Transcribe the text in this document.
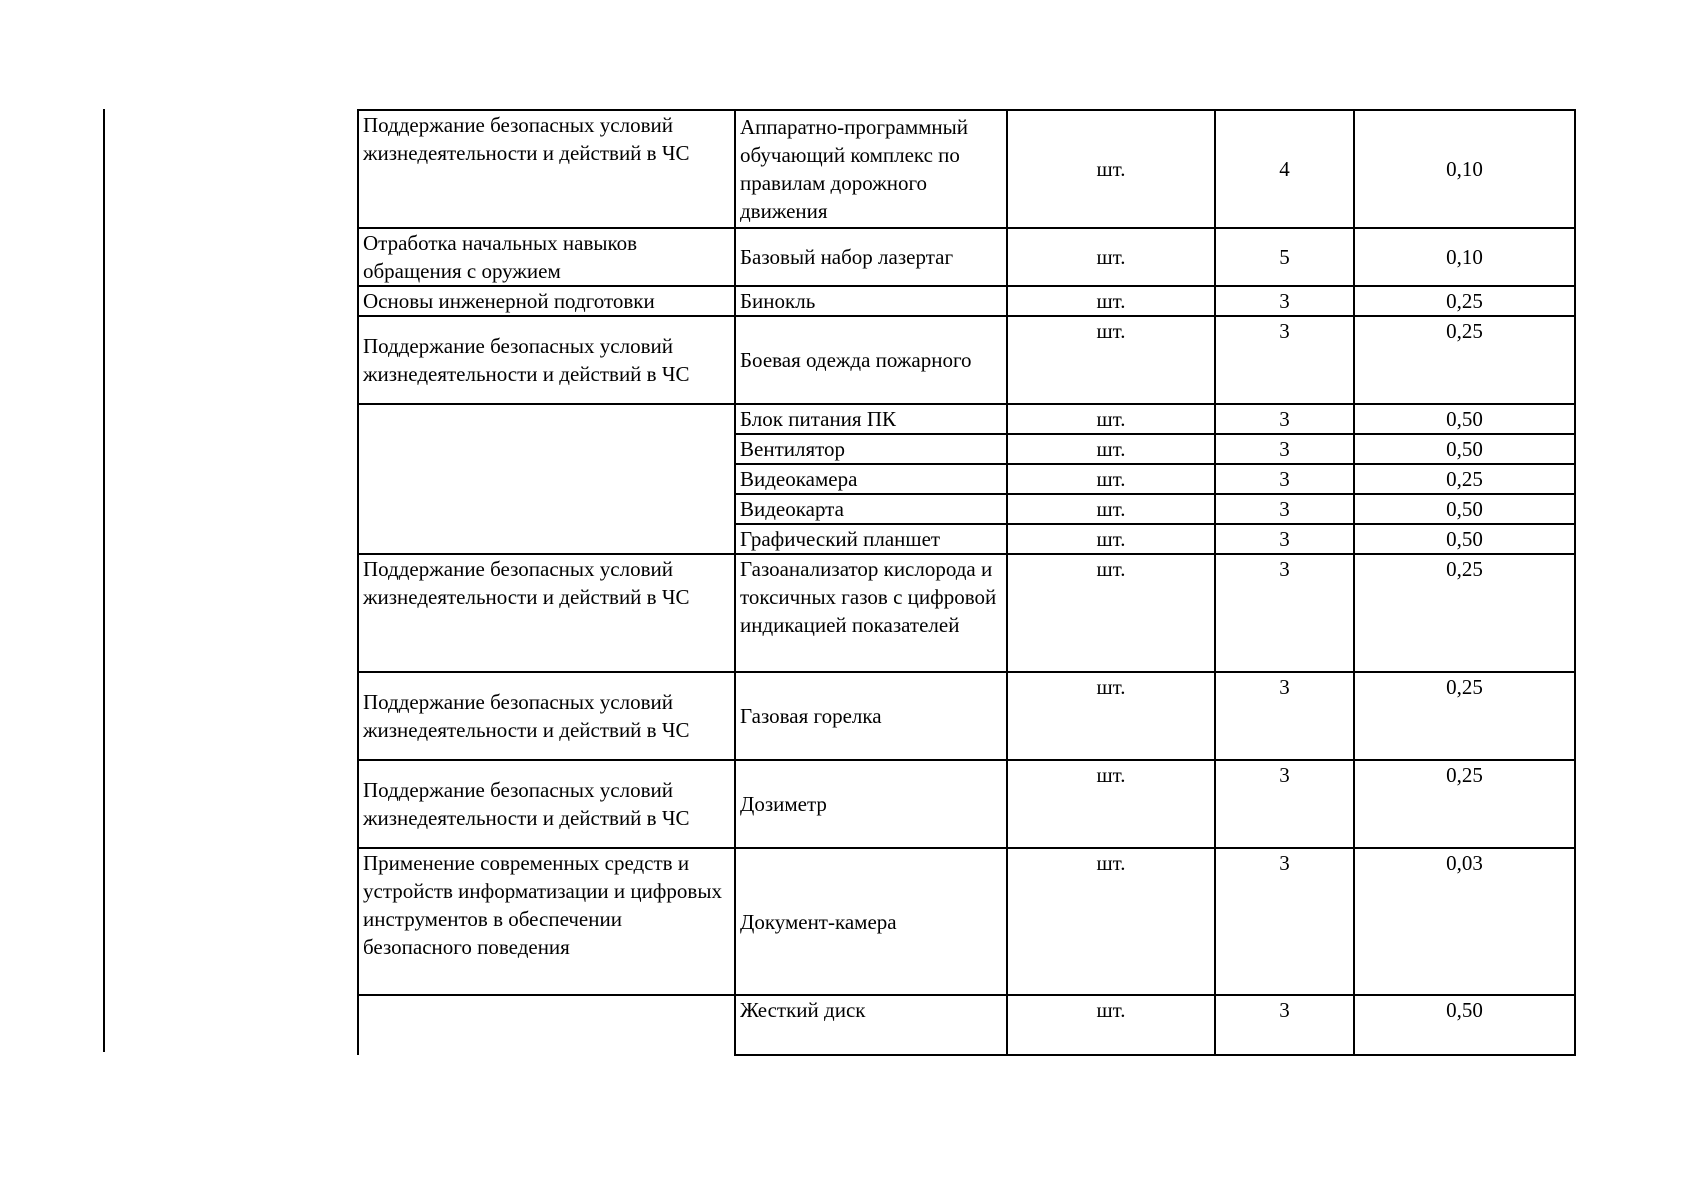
Поддержание безопасных условий жизнедеятельности и действий в ЧС	Аппаратно-программный обучающий комплекс по правилам дорожного движения	шт.	4	0,10
Отработка начальных навыков обращения с оружием	Базовый набор лазертаг	шт.	5	0,10
Основы инженерной подготовки	Бинокль	шт.	3	0,25
Поддержание безопасных условий жизнедеятельности и действий в ЧС	Боевая одежда пожарного	шт.	3	0,25
	Блок питания ПК	шт.	3	0,50
	Вентилятор	шт.	3	0,50
	Видеокамера	шт.	3	0,25
	Видеокарта	шт.	3	0,50
	Графический планшет	шт.	3	0,50
Поддержание безопасных условий жизнедеятельности и действий в ЧС	Газоанализатор кислорода и токсичных газов с цифровой индикацией показателей	шт.	3	0,25
Поддержание безопасных условий жизнедеятельности и действий в ЧС	Газовая горелка	шт.	3	0,25
Поддержание безопасных условий жизнедеятельности и действий в ЧС	Дозиметр	шт.	3	0,25
Применение современных средств и устройств информатизации и цифровых инструментов в обеспечении безопасного поведения	Документ-камера	шт.	3	0,03
	Жесткий диск	шт.	3	0,50
